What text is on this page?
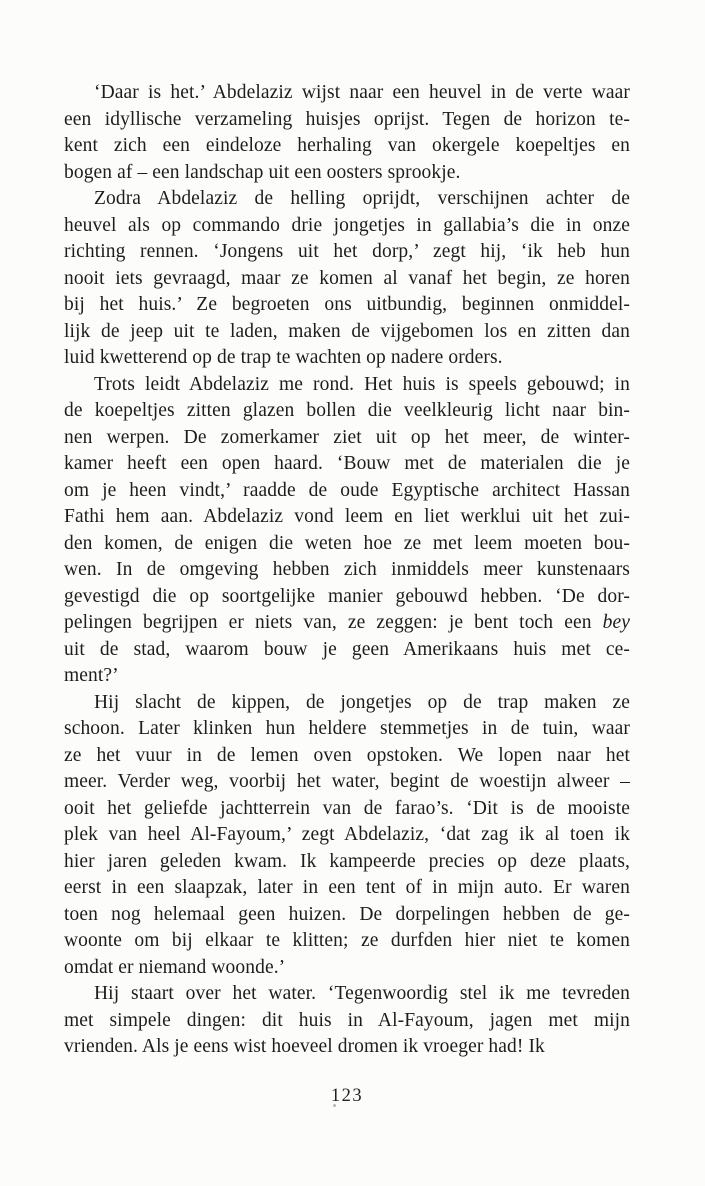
‘Daar is het.’ Abdelaziz wijst naar een heuvel in de verte waar
een idyllische verzameling huisjes oprijst. Tegen de horizon te-
kent zich een eindeloze herhaling van okergele koepeltjes en
bogen af – een landschap uit een oosters sprookje.
Zodra Abdelaziz de helling oprijdt, verschijnen achter de
heuvel als op commando drie jongetjes in gallabia’s die in onze
richting rennen. ‘Jongens uit het dorp,’ zegt hij, ‘ik heb hun
nooit iets gevraagd, maar ze komen al vanaf het begin, ze horen
bij het huis.’ Ze begroeten ons uitbundig, beginnen onmiddel-
lijk de jeep uit te laden, maken de vijgebomen los en zitten dan
luid kwetterend op de trap te wachten op nadere orders.
Trots leidt Abdelaziz me rond. Het huis is speels gebouwd; in
de koepeltjes zitten glazen bollen die veelkleurig licht naar bin-
nen werpen. De zomerkamer ziet uit op het meer, de winter-
kamer heeft een open haard. ‘Bouw met de materialen die je
om je heen vindt,’ raadde de oude Egyptische architect Hassan
Fathi hem aan. Abdelaziz vond leem en liet werklui uit het zui-
den komen, de enigen die weten hoe ze met leem moeten bou-
wen. In de omgeving hebben zich inmiddels meer kunstenaars
gevestigd die op soortgelijke manier gebouwd hebben. ‘De dor-
pelingen begrijpen er niets van, ze zeggen: je bent toch een bey
uit de stad, waarom bouw je geen Amerikaans huis met ce-
ment?’
Hij slacht de kippen, de jongetjes op de trap maken ze
schoon. Later klinken hun heldere stemmetjes in de tuin, waar
ze het vuur in de lemen oven opstoken. We lopen naar het
meer. Verder weg, voorbij het water, begint de woestijn alweer –
ooit het geliefde jachtterrein van de farao’s. ‘Dit is de mooiste
plek van heel Al-Fayoum,’ zegt Abdelaziz, ‘dat zag ik al toen ik
hier jaren geleden kwam. Ik kampeerde precies op deze plaats,
eerst in een slaapzak, later in een tent of in mijn auto. Er waren
toen nog helemaal geen huizen. De dorpelingen hebben de ge-
woonte om bij elkaar te klitten; ze durfden hier niet te komen
omdat er niemand woonde.’
Hij staart over het water. ‘Tegenwoordig stel ik me tevreden
met simpele dingen: dit huis in Al-Fayoum, jagen met mijn
vrienden. Als je eens wist hoeveel dromen ik vroeger had! Ik
123
